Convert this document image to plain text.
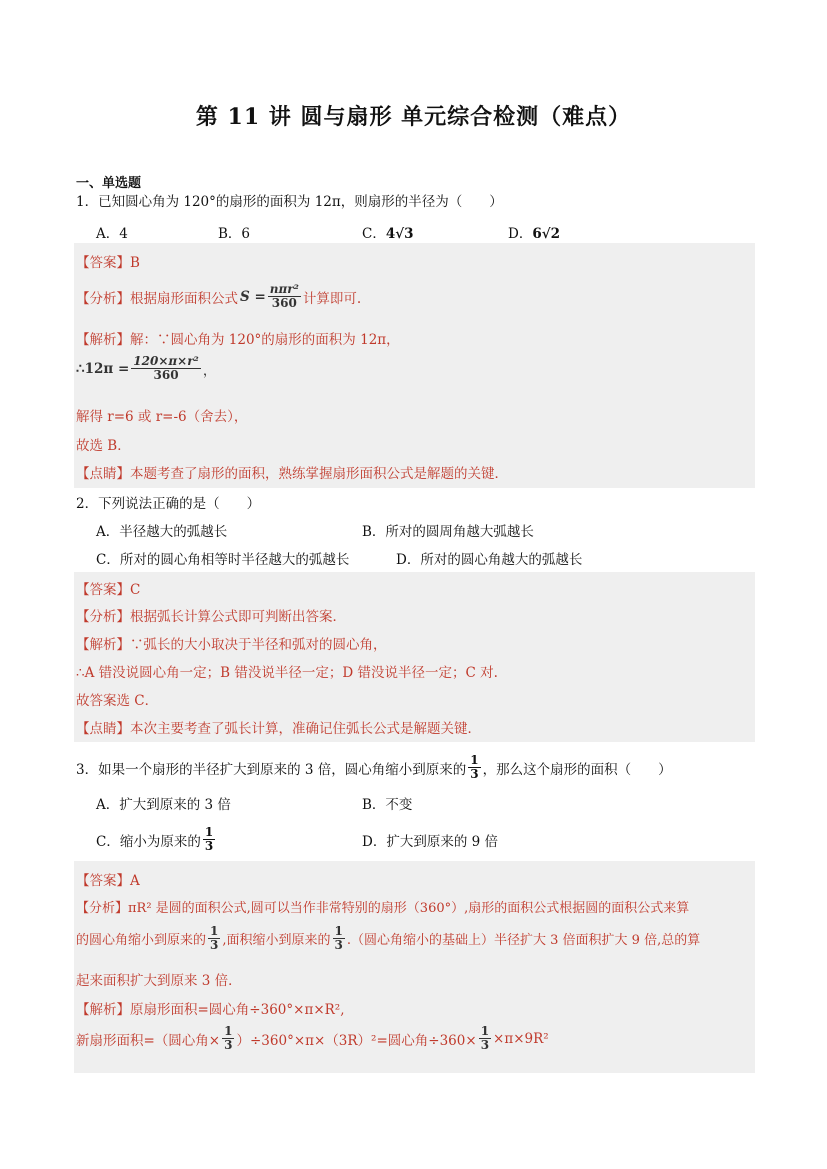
第 11 讲 圆与扇形 单元综合检测（难点）
一、单选题
1．已知圆心角为 120°的扇形的面积为 12π，则扇形的半径为（　　）
A．4	B．6	C．4√3	D．6√2
【答案】B
【分析】根据扇形面积公式 $S = \frac{\text{nπr²}}{360}$ 计算即可.
【解析】解：∵圆心角为 120°的扇形的面积为 12π，
∴12π = $\frac{\text{120×π×r²}}{360}$ ，
解得 r=6 或 r=-6（舍去），
故选 B．
【点睛】本题考查了扇形的面积，熟练掌握扇形面积公式是解题的关键．
2．下列说法正确的是（　　）
A．半径越大的弧越长	B．所对的圆周角越大弧越长
C．所对的圆心角相等时半径越大的弧越长	D．所对的圆心角越大的弧越长
【答案】C
【分析】根据弧长计算公式即可判断出答案．
【解析】∵弧长的大小取决于半径和弧对的圆心角，
∴A 错没说圆心角一定；B 错没说半径一定；D 错没说半径一定；C 对.
故答案选 C．
【点睛】本次主要考查了弧长计算，准确记住弧长公式是解题关键．
3．如果一个扇形的半径扩大到原来的 3 倍，圆心角缩小到原来的 $\frac{1}{3}$ ，那么这个扇形的面积（　　）
A．扩大到原来的 3 倍	B．不变
C．缩小为原来的 $\frac{1}{3}$	D．扩大到原来的 9 倍
【答案】A
【分析】πR² 是圆的面积公式,圆可以当作非常特别的扇形（360°）,扇形的面积公式根据圆的面积公式来算
的圆心角缩小到原来的 $\frac{1}{3}$ ,面积缩小到原来的 $\frac{1}{3}$ .（圆心角缩小的基础上）半径扩大 3 倍面积扩大 9 倍,总的算
起来面积扩大到原来 3 倍．
【解析】原扇形面积=圆心角÷360°×π×R²,
新扇形面积=（圆心角× $\frac{1}{3} )\div 360^\circ\times\pi\times(3R)^2=$圆心角$\div 360\times \frac{1}{3} \times\pi\times 9R^2$
